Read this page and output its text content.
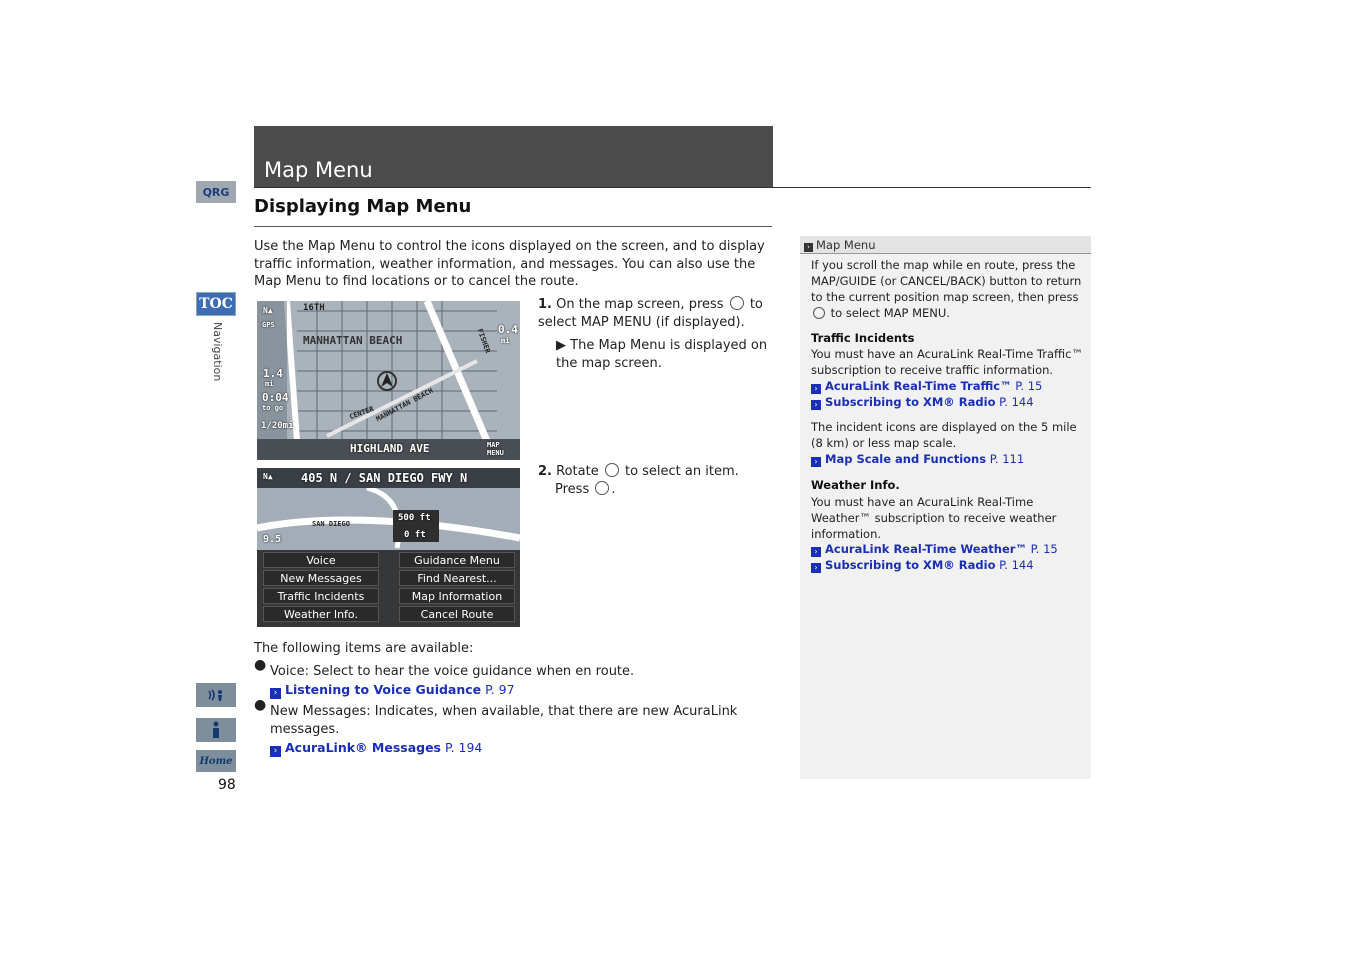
QRG
TOC
Navigation
Home
98
Map Menu
Displaying Map Menu
Use the Map Menu to control the icons displayed on the screen, and to display traffic information, weather information, and messages. You can also use the Map Menu to find locations or to cancel the route.
N▲
GPS
MANHATTAN BEACH
16TH
1.4
mi
0:04
to go
1/20mi
HIGHLAND AVE
0.4
mi
MAP MENU
MANHATTAN BEACH
CENTER
FISHER
405 N / SAN DIEGO FWY N
N▲
500 ft
0 ft
9.5
SAN DIEGO
Voice	Guidance Menu
New Messages	Find Nearest...
Traffic Incidents	Map Information
Weather Info.	Cancel Route
1. On the map screen, press to select MAP MENU (if displayed).
▶ The Map Menu is displayed on the map screen.
2. Rotate to select an item.
Press .
The following items are available:
● Voice: Select to hear the voice guidance when en route.
› Listening to Voice Guidance P. 97
● New Messages: Indicates, when available, that there are new AcuraLink messages.
› AcuraLink® Messages P. 194
› Map Menu
If you scroll the map while en route, press the MAP/GUIDE (or CANCEL/BACK) button to return to the current position map screen, then press  to select MAP MENU.
Traffic Incidents
You must have an AcuraLink Real-Time Traffic™ subscription to receive traffic information.
› AcuraLink Real-Time Traffic™ P. 15
› Subscribing to XM® Radio P. 144
The incident icons are displayed on the 5 mile (8 km) or less map scale.
› Map Scale and Functions P. 111
Weather Info.
You must have an AcuraLink Real-Time Weather™ subscription to receive weather information.
› AcuraLink Real-Time Weather™ P. 15
› Subscribing to XM® Radio P. 144
